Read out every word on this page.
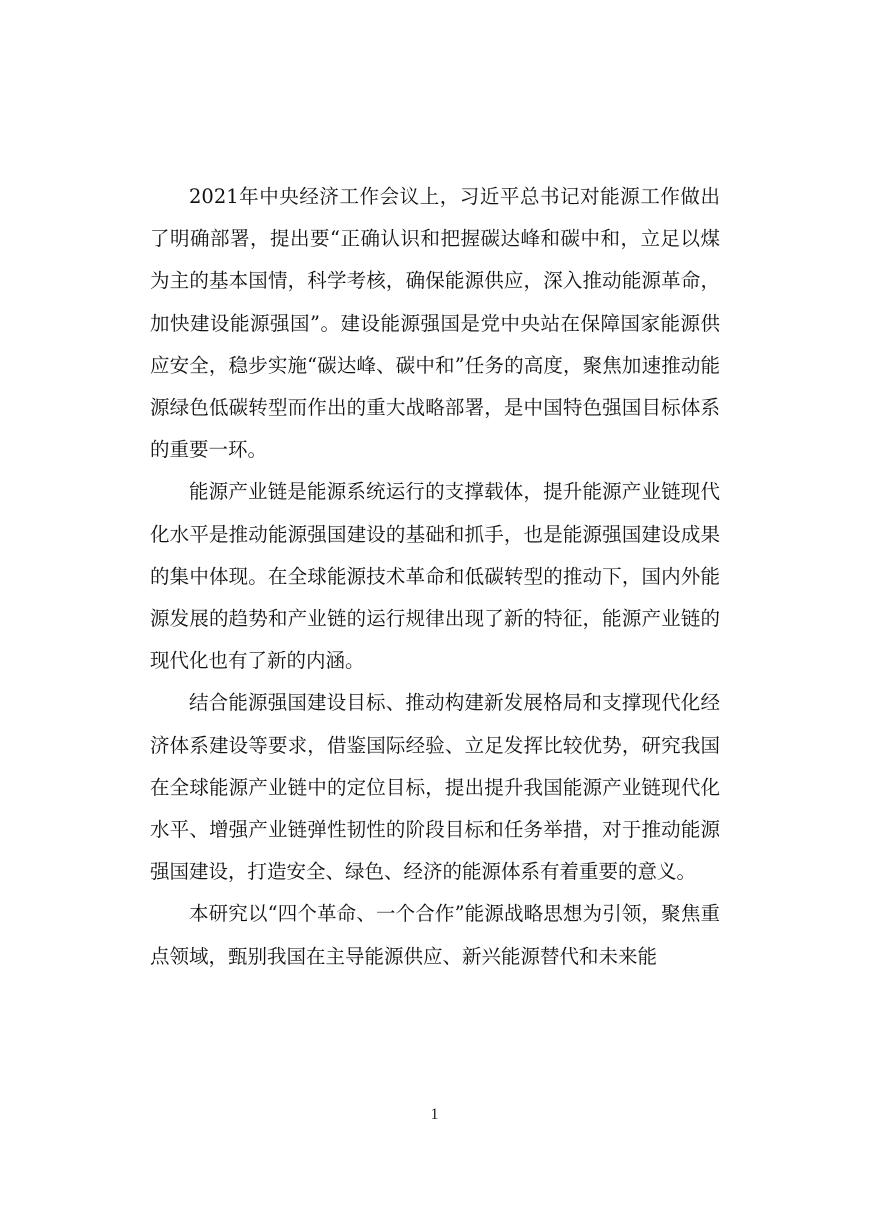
2021年中央经济工作会议上，习近平总书记对能源工作做出了明确部署，提出要“正确认识和把握碳达峰和碳中和，立足以煤为主的基本国情，科学考核，确保能源供应，深入推动能源革命，加快建设能源强国”。建设能源强国是党中央站在保障国家能源供应安全，稳步实施“碳达峰、碳中和”任务的高度，聚焦加速推动能源绿色低碳转型而作出的重大战略部署，是中国特色强国目标体系的重要一环。

能源产业链是能源系统运行的支撑载体，提升能源产业链现代化水平是推动能源强国建设的基础和抓手，也是能源强国建设成果的集中体现。在全球能源技术革命和低碳转型的推动下，国内外能源发展的趋势和产业链的运行规律出现了新的特征，能源产业链的现代化也有了新的内涵。

结合能源强国建设目标、推动构建新发展格局和支撑现代化经济体系建设等要求，借鉴国际经验、立足发挥比较优势，研究我国在全球能源产业链中的定位目标，提出提升我国能源产业链现代化水平、增强产业链弹性韧性的阶段目标和任务举措，对于推动能源强国建设，打造安全、绿色、经济的能源体系有着重要的意义。

本研究以“四个革命、一个合作”能源战略思想为引领，聚焦重点领域，甄别我国在主导能源供应、新兴能源替代和未来能

1
